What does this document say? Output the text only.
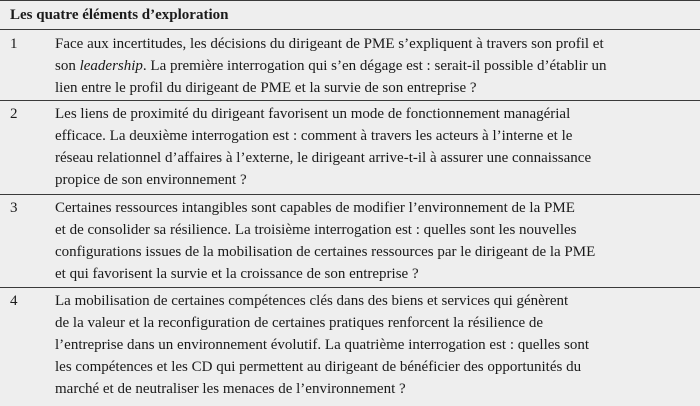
Les quatre éléments d’exploration
1	Face aux incertitudes, les décisions du dirigeant de PME s’expliquent à travers son profil et
son leadership. La première interrogation qui s’en dégage est : serait-il possible d’établir un
lien entre le profil du dirigeant de PME et la survie de son entreprise ?
2	Les liens de proximité du dirigeant favorisent un mode de fonctionnement managérial
efficace. La deuxième interrogation est : comment à travers les acteurs à l’interne et le
réseau relationnel d’affaires à l’externe, le dirigeant arrive-t-il à assurer une connaissance
propice de son environnement ?
3	Certaines ressources intangibles sont capables de modifier l’environnement de la PME
et de consolider sa résilience. La troisième interrogation est : quelles sont les nouvelles
configurations issues de la mobilisation de certaines ressources par le dirigeant de la PME
et qui favorisent la survie et la croissance de son entreprise ?
4	La mobilisation de certaines compétences clés dans des biens et services qui génèrent
de la valeur et la reconfiguration de certaines pratiques renforcent la résilience de
l’entreprise dans un environnement évolutif. La quatrième interrogation est : quelles sont
les compétences et les CD qui permettent au dirigeant de bénéficier des opportunités du
marché et de neutraliser les menaces de l’environnement ?
